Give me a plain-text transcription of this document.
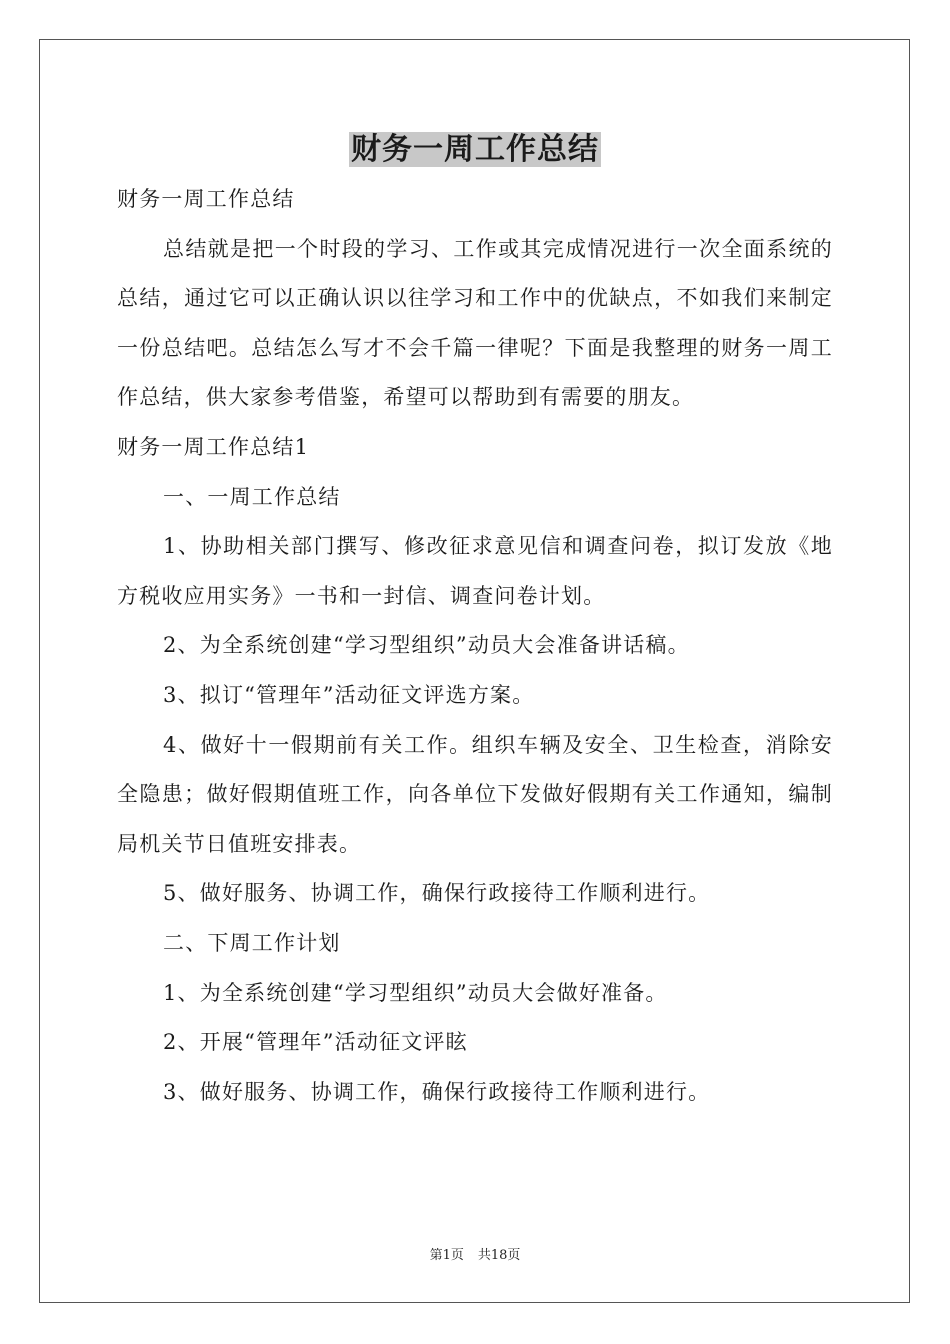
财务一周工作总结

财务一周工作总结

总结就是把一个时段的学习、工作或其完成情况进行一次全面系统的总结，通过它可以正确认识以往学习和工作中的优缺点，不如我们来制定一份总结吧。总结怎么写才不会千篇一律呢？下面是我整理的财务一周工作总结，供大家参考借鉴，希望可以帮助到有需要的朋友。

财务一周工作总结1

一、一周工作总结

1、协助相关部门撰写、修改征求意见信和调查问卷，拟订发放《地方税收应用实务》一书和一封信、调查问卷计划。

2、为全系统创建“学习型组织”动员大会准备讲话稿。

3、拟订“管理年”活动征文评选方案。

4、做好十一假期前有关工作。组织车辆及安全、卫生检查，消除安全隐患；做好假期值班工作，向各单位下发做好假期有关工作通知，编制局机关节日值班安排表。

5、做好服务、协调工作，确保行政接待工作顺利进行。

二、下周工作计划

1、为全系统创建“学习型组织”动员大会做好准备。

2、开展“管理年”活动征文评眩

3、做好服务、协调工作，确保行政接待工作顺利进行。

第1页 共18页
